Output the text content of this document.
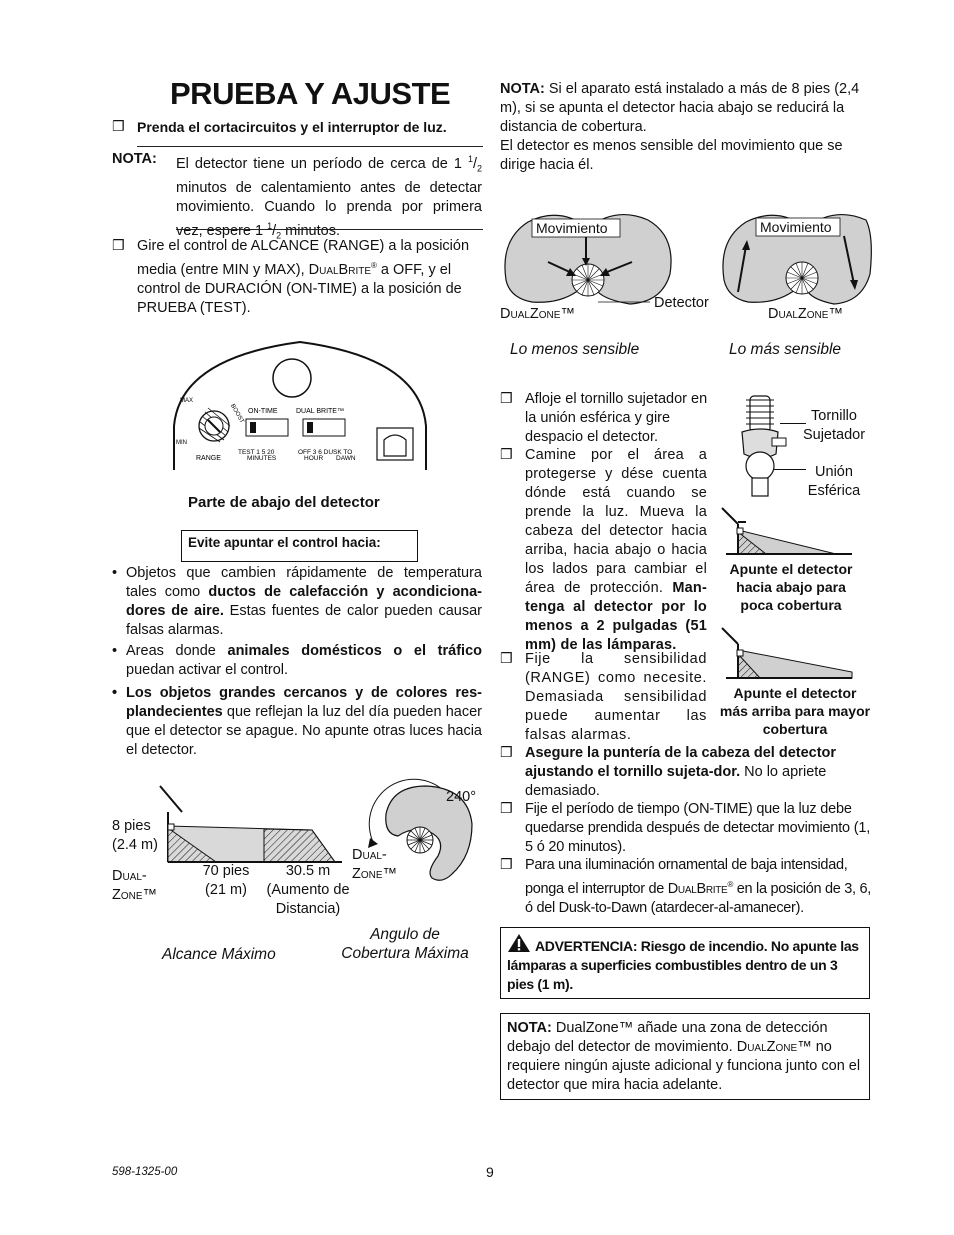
PRUEBA Y AJUSTE
❒ Prenda el cortacircuitos y el interruptor de luz.
NOTA: El detector tiene un período de cerca de 1 $^1/_2$ minutos de calentamiento antes de detectar movimiento. Cuando lo prenda por primera vez, espere 1 $^1/_2$ minutos.
❒ Gire el control de ALCANCE (RANGE) a la posición media (entre MIN y MAX), DualBrite® a OFF, y el control de DURACIÓN (ON-TIME) a la posición de PRUEBA (TEST).
MAX
MIN
RANGE
BOOST ON-TIME	DUAL BRITE™
TEST 1 5 20
MINUTES
OFF 3 6 DUSK TO
HOUR DAWN
Parte de abajo del detector
Evite apuntar el control hacia:
• Objetos que cambien rápidamente de temperatura tales como ductos de calefacción y acondiciona-dores de aire. Estas fuentes de calor pueden causar falsas alarmas.
• Areas donde animales domésticos o el tráfico puedan activar el control.
• Los objetos grandes cercanos y de colores res-plandecientes que reflejan la luz del día pueden hacer que el detector se apague. No apunte otras luces hacia el detector.
8 pies
(2.4 m)
Dual-
Zone™
70 pies
(21 m)
30.5 m
(Aumento de
Distancia)
Alcance Máximo
240°
Dual-
Zone™
Angulo de
Cobertura Máxima
NOTA: Si el aparato está instalado a más de 8 pies (2,4 m), si se apunta el detector hacia abajo se reducirá la distancia de cobertura.
El detector es menos sensible del movimiento que se dirige hacia él.
Movimiento	Movimiento
Detector
DualZone™	DualZone™
Lo menos sensible	Lo más sensible
❒ Afloje el tornillo sujetador en la unión esférica y gire despacio el detector.
Tornillo
Sujetador
Unión
Esférica
❒ Camine por el área a protegerse y dése cuenta dónde está cuando se prende la luz. Mueva la cabeza del detector hacia arriba, hacia abajo o hacia los lados para cambiar el área de protección. Man-tenga al detector por lo menos a 2 pulgadas (51 mm) de las lámparas.
Apunte el detector hacia abajo para poca cobertura
Apunte el detector más arriba para mayor cobertura
❒ Fije la sensibilidad (RANGE) como necesite. Demasiada sensibilidad puede aumentar las falsas alarmas.
❒ Asegure la puntería de la cabeza del detector ajustando el tornillo sujeta-dor. No lo apriete demasiado.
❒ Fije el período de tiempo (ON-TIME) que la luz debe quedarse prendida después de detectar movimiento (1, 5 ó 20 minutos).
❒ Para una iluminación ornamental de baja intensidad, ponga el interruptor de DualBrite® en la posición de 3, 6, ó del Dusk-to-Dawn (atardecer-al-amanecer).
ADVERTENCIA: Riesgo de incendio. No apunte las lámparas a superficies combustibles dentro de un 3 pies (1 m).
NOTA: DualZone™ añade una zona de detección debajo del detector de movimiento. DualZone™ no requiere ningún ajuste adicional y funciona junto con el detector que mira hacia adelante.
598-1325-00	9
